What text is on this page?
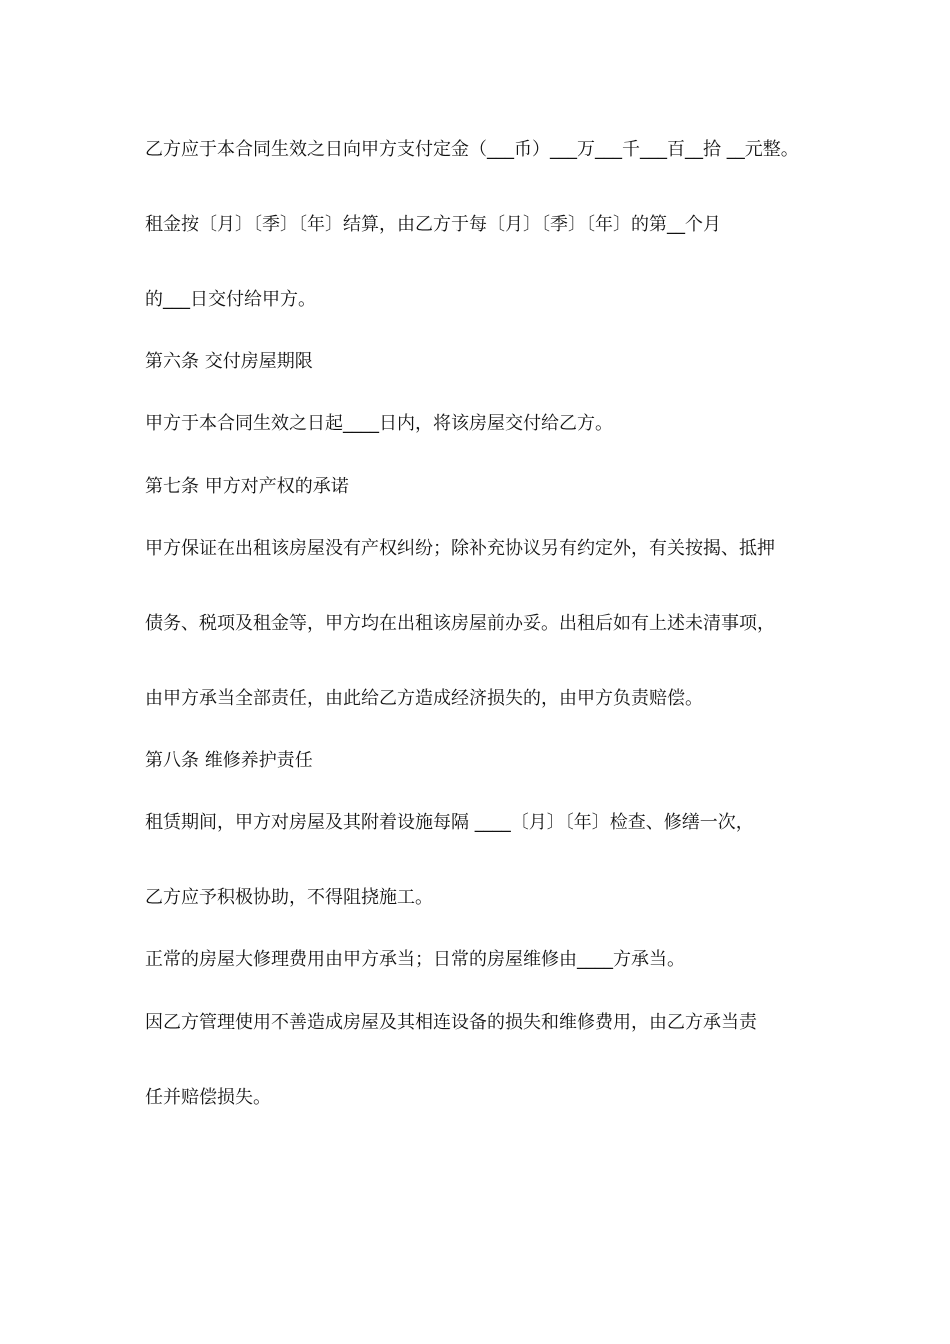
乙方应于本合同生效之日向甲方支付定金（___币）___万___千___百__拾 __元整。
租金按〔月〕〔季〕〔年〕结算，由乙方于每〔月〕〔季〕〔年〕的第__个月
的___日交付给甲方。
第六条 交付房屋期限
甲方于本合同生效之日起____日内，将该房屋交付给乙方。
第七条 甲方对产权的承诺
甲方保证在出租该房屋没有产权纠纷；除补充协议另有约定外，有关按揭、抵押
债务、税项及租金等，甲方均在出租该房屋前办妥。出租后如有上述未清事项，
由甲方承当全部责任，由此给乙方造成经济损失的，由甲方负责赔偿。
第八条 维修养护责任
租赁期间，甲方对房屋及其附着设施每隔 ____〔月〕〔年〕检查、修缮一次，
乙方应予积极协助，不得阻挠施工。
正常的房屋大修理费用由甲方承当；日常的房屋维修由____方承当。
因乙方管理使用不善造成房屋及其相连设备的损失和维修费用，由乙方承当责
任并赔偿损失。
